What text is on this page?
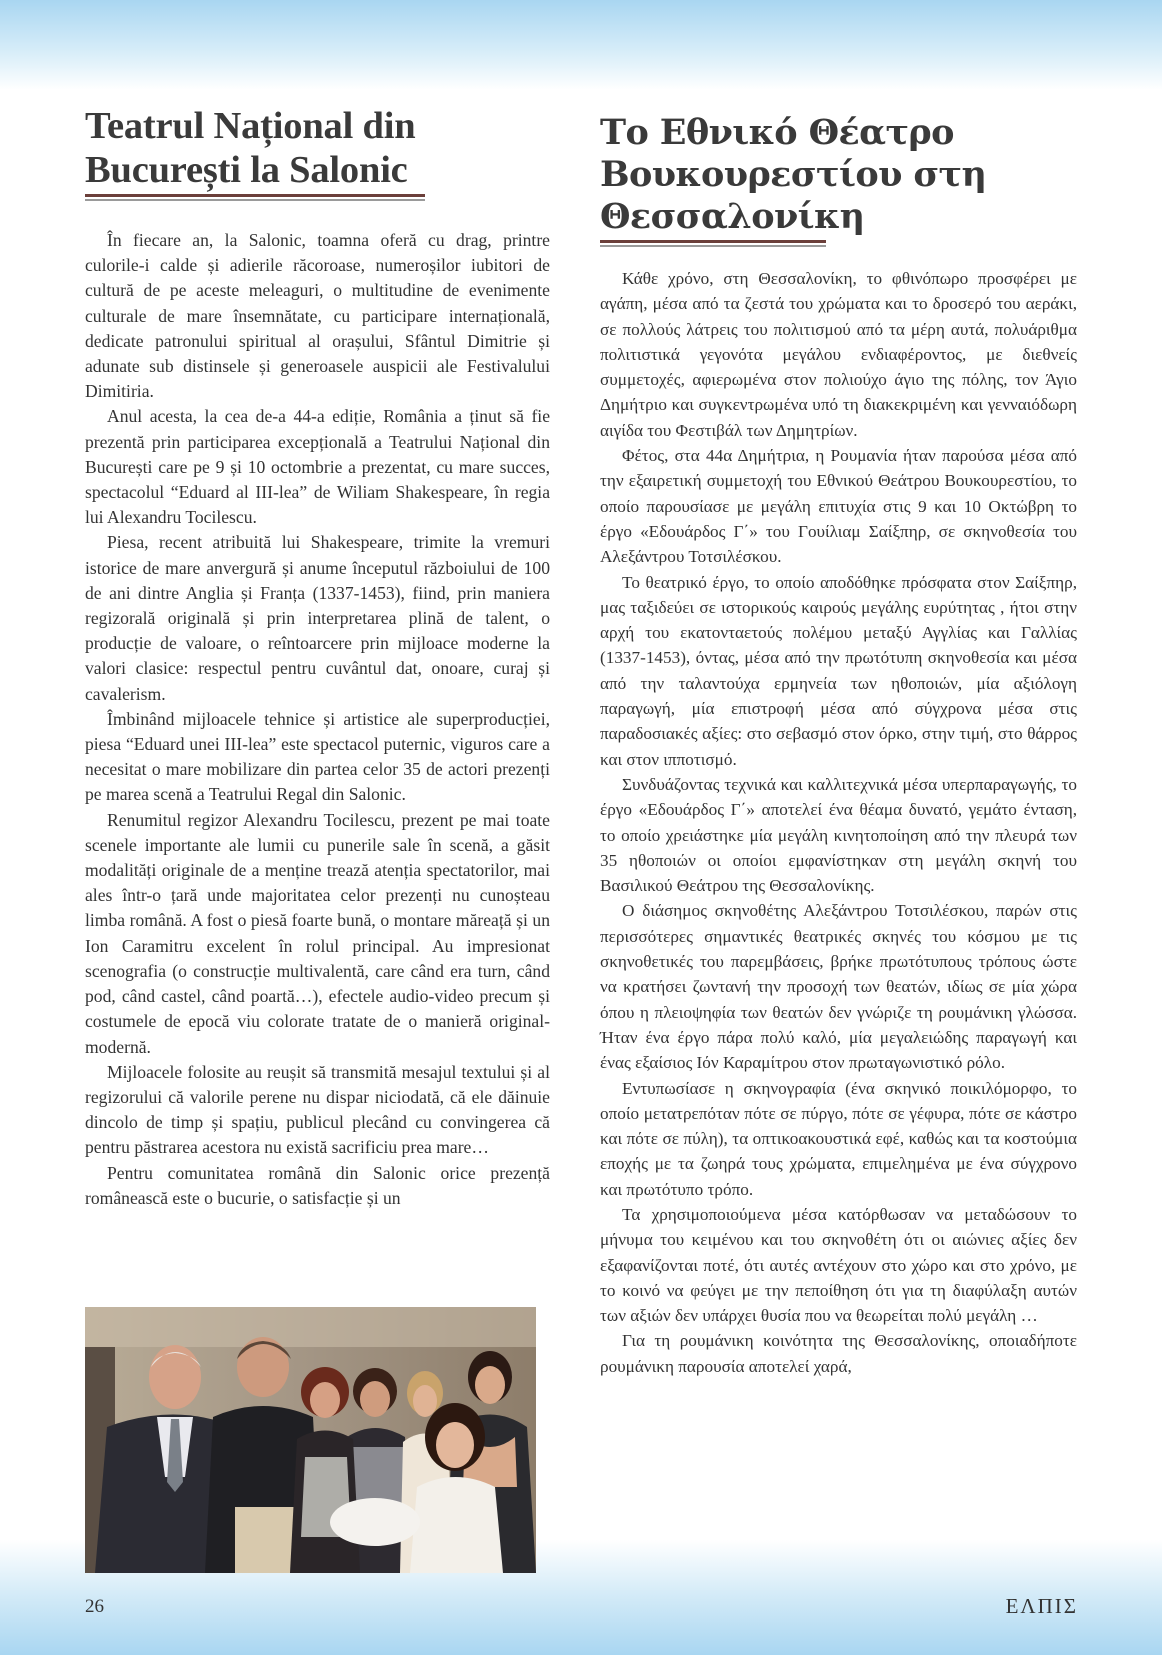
Teatrul Național din
București la Salonic

În fiecare an, la Salonic, toamna oferă cu drag, printre culorile-i calde și adierile răcoroase, numeroșilor iubitori de cultură de pe aceste meleaguri, o multitudine de evenimente culturale de mare însemnătate, cu participare internațională, dedicate patronului spiritual al orașului, Sfântul Dimitrie și adunate sub distinsele și generoasele auspicii ale Festivalului Dimitiria.

Anul acesta, la cea de-a 44-a ediție, România a ținut să fie prezentă prin participarea excepțională a Teatrului Național din București care pe 9 și 10 octombrie a prezentat, cu mare succes, spectacolul “Eduard al III-lea” de Wiliam Shakespeare, în regia lui Alexandru Tocilescu.

Piesa, recent atribuită lui Shakespeare, trimite la vremuri istorice de mare anvergură și anume începutul războiului de 100 de ani dintre Anglia și Franța (1337-1453), fiind, prin maniera regizorală originală și prin interpretarea plină de talent, o producție de valoare, o reîntoarcere prin mijloace moderne la valori clasice: respectul pentru cuvântul dat, onoare, curaj și cavalerism.

Îmbinând mijloacele tehnice și artistice ale superproducției, piesa “Eduard unei III-lea” este spectacol puternic, viguros care a necesitat o mare mobilizare din partea celor 35 de actori prezenți pe marea scenă a Teatrului Regal din Salonic.

Renumitul regizor Alexandru Tocilescu, prezent pe mai toate scenele importante ale lumii cu punerile sale în scenă, a găsit modalități originale de a menține trează atenția spectatorilor, mai ales într-o țară unde majoritatea celor prezenți nu cunoșteau limba română. A fost o piesă foarte bună, o montare măreață și un Ion Caramitru excelent în rolul principal. Au impresionat scenografia (o construcție multivalentă, care când era turn, când pod, când castel, când poartă…), efectele audio-video precum și costumele de epocă viu colorate tratate de o manieră original-modernă.

Mijloacele folosite au reușit să transmită mesajul textului și al regizorului că valorile perene nu dispar niciodată, că ele dăinuie dincolo de timp și spațiu, publicul plecând cu convingerea că pentru păstrarea acestora nu există sacrificiu prea mare…

Pentru comunitatea română din Salonic orice prezență românească este o bucurie, o satisfacție și un

Το Εθνικό Θέατρο
Βουκουρεστίου στη
Θεσσαλονίκη

Κάθε χρόνο, στη Θεσσαλονίκη, το φθινόπωρο προσφέρει με αγάπη, μέσα από τα ζεστά του χρώματα και το δροσερό του αεράκι, σε πολλούς λάτρεις του πολιτισμού από τα μέρη αυτά, πολυάριθμα πολιτιστικά γεγονότα μεγάλου ενδιαφέροντος, με διεθνείς συμμετοχές, αφιερωμένα στον πολιούχο άγιο της πόλης, τον Άγιο Δημήτριο και συγκεντρωμένα υπό τη διακεκριμένη και γενναιόδωρη αιγίδα του Φεστιβάλ των Δημητρίων.

Φέτος, στα 44α Δημήτρια, η Ρουμανία ήταν παρούσα μέσα από την εξαιρετική συμμετοχή του Εθνικού Θεάτρου Βουκουρεστίου, το οποίο παρουσίασε με μεγάλη επιτυχία στις 9 και 10 Οκτώβρη το έργο «Εδουάρδος Γ΄» του Γουίλιαμ Σαίξπηρ, σε σκηνοθεσία του Αλεξάντρου Τοτσιλέσκου.

Το θεατρικό έργο, το οποίο αποδόθηκε πρόσφατα στον Σαίξπηρ, μας ταξιδεύει σε ιστορικούς καιρούς μεγάλης ευρύτητας , ήτοι στην αρχή του εκατονταετούς πολέμου μεταξύ Αγγλίας και Γαλλίας (1337-1453), όντας, μέσα από την πρωτότυπη σκηνοθεσία και μέσα από την ταλαντούχα ερμηνεία των ηθοποιών, μία αξιόλογη παραγωγή, μία επιστροφή μέσα από σύγχρονα μέσα στις παραδοσιακές αξίες: στο σεβασμό στον όρκο, στην τιμή, στο θάρρος και στον ιπποτισμό.

Συνδυάζοντας τεχνικά και καλλιτεχνικά μέσα υπερπαραγωγής, το έργο «Εδουάρδος Γ΄» αποτελεί ένα θέαμα δυνατό, γεμάτο ένταση, το οποίο χρειάστηκε μία μεγάλη κινητοποίηση από την πλευρά των 35 ηθοποιών οι οποίοι εμφανίστηκαν στη μεγάλη σκηνή του Βασιλικού Θεάτρου της Θεσσαλονίκης.

Ο διάσημος σκηνοθέτης Αλεξάντρου Τοτσιλέσκου, παρών στις περισσότερες σημαντικές θεατρικές σκηνές του κόσμου με τις σκηνοθετικές του παρεμβάσεις, βρήκε πρωτότυπους τρόπους ώστε να κρατήσει ζωντανή την προσοχή των θεατών, ιδίως σε μία χώρα όπου η πλειοψηφία των θεατών δεν γνώριζε τη ρουμάνικη γλώσσα. Ήταν ένα έργο πάρα πολύ καλό, μία μεγαλειώδης παραγωγή και ένας εξαίσιος Ιόν Καραμίτρου στον πρωταγωνιστικό ρόλο.

Εντυπωσίασε η σκηνογραφία (ένα σκηνικό ποικιλόμορφο, το οποίο μετατρεπόταν πότε σε πύργο, πότε σε γέφυρα, πότε σε κάστρο και πότε σε πύλη), τα οπτικοακουστικά εφέ, καθώς και τα κοστούμια εποχής με τα ζωηρά τους χρώματα, επιμελημένα με ένα σύγχρονο και πρωτότυπο τρόπο.

Τα χρησιμοποιούμενα μέσα κατόρθωσαν να μεταδώσουν το μήνυμα του κειμένου και του σκηνοθέτη ότι οι αιώνιες αξίες δεν εξαφανίζονται ποτέ, ότι αυτές αντέχουν στο χώρο και στο χρόνο, με το κοινό να φεύγει με την πεποίθηση ότι για τη διαφύλαξη αυτών των αξιών δεν υπάρχει θυσία που να θεωρείται πολύ μεγάλη …

Για τη ρουμάνικη κοινότητα της Θεσσαλονίκης, οποιαδήποτε ρουμάνικη παρουσία αποτελεί χαρά,

26	ΕΛΠΙΣ
